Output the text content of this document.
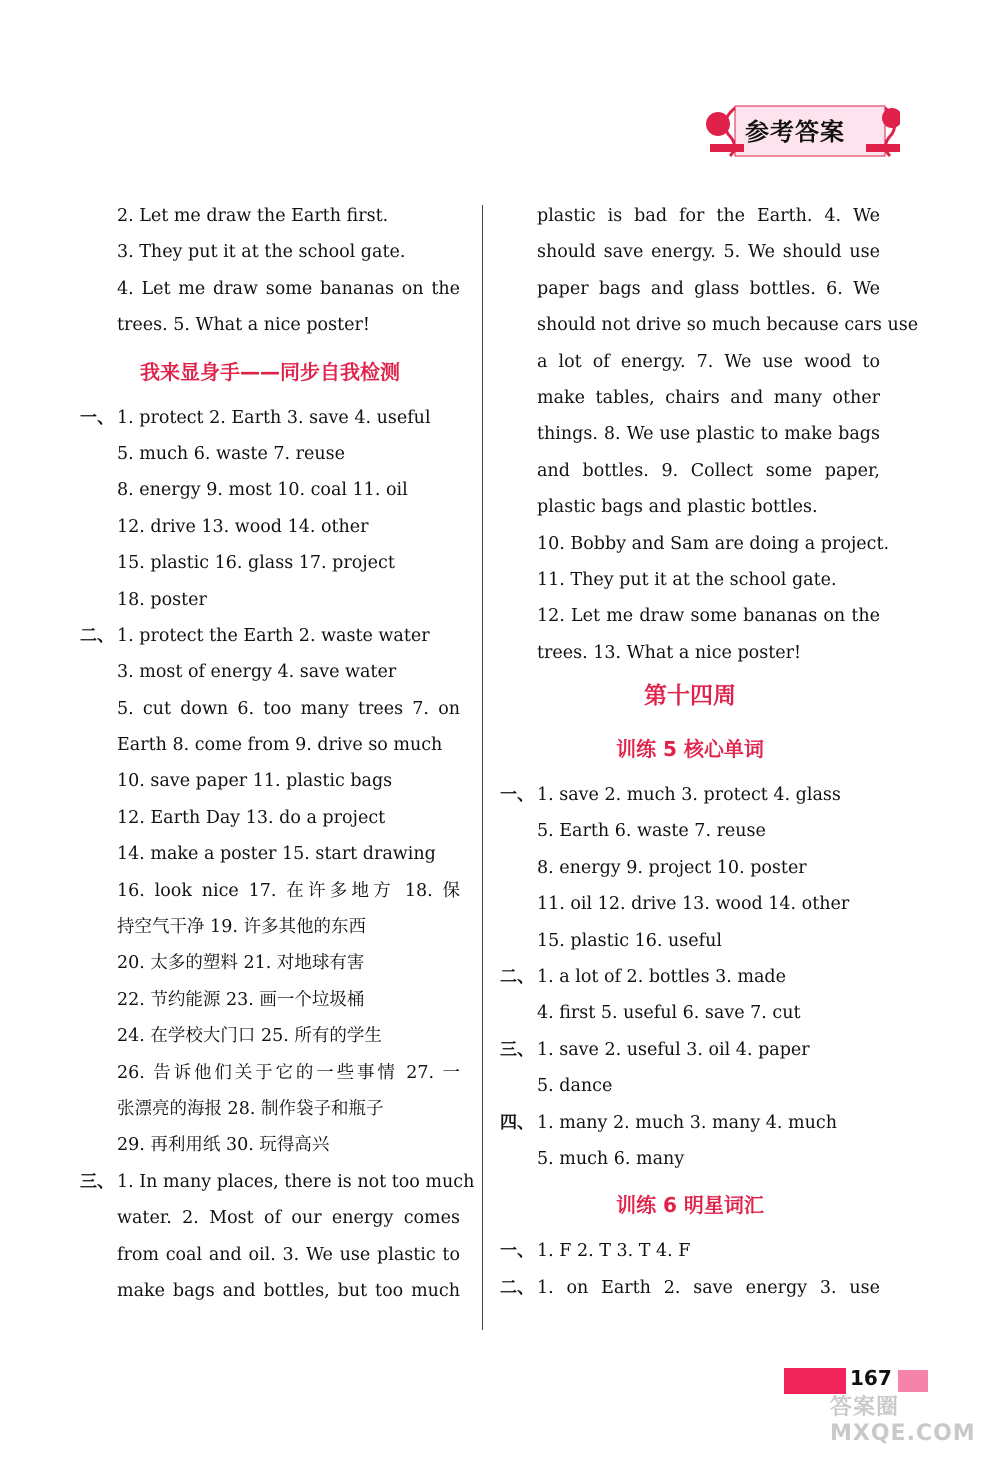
参考答案
2. Let me draw the Earth first.
3. They put it at the school gate.
4. Let me draw some bananas on the
trees. 5. What a nice poster!
我来显身手——同步自我检测
一、 1. protect 2. Earth 3. save 4. useful
5. much 6. waste 7. reuse
8. energy 9. most 10. coal 11. oil
12. drive 13. wood 14. other
15. plastic 16. glass 17. project
18. poster
二、 1. protect the Earth 2. waste water
3. most of energy 4. save water
5. cut down 6. too many trees 7. on
Earth 8. come from 9. drive so much
10. save paper 11. plastic bags
12. Earth Day 13. do a project
14. make a poster 15. start drawing
16. look nice 17. 在许多地方 18. 保
持空气干净 19. 许多其他的东西
20. 太多的塑料 21. 对地球有害
22. 节约能源 23. 画一个垃圾桶
24. 在学校大门口 25. 所有的学生
26. 告诉他们关于它的一些事情 27. 一
张漂亮的海报 28. 制作袋子和瓶子
29. 再利用纸 30. 玩得高兴
三、 1. In many places, there is not too much
water. 2. Most of our energy comes
from coal and oil. 3. We use plastic to
make bags and bottles, but too much
plastic is bad for the Earth. 4. We
should save energy. 5. We should use
paper bags and glass bottles. 6. We
should not drive so much because cars use
a lot of energy. 7. We use wood to
make tables, chairs and many other
things. 8. We use plastic to make bags
and bottles. 9. Collect some paper,
plastic bags and plastic bottles.
10. Bobby and Sam are doing a project.
11. They put it at the school gate.
12. Let me draw some bananas on the
trees. 13. What a nice poster!
第十四周
训练 5 核心单词
一、 1. save 2. much 3. protect 4. glass
5. Earth 6. waste 7. reuse
8. energy 9. project 10. poster
11. oil 12. drive 13. wood 14. other
15. plastic 16. useful
二、 1. a lot of 2. bottles 3. made
4. first 5. useful 6. save 7. cut
三、 1. save 2. useful 3. oil 4. paper
5. dance
四、 1. many 2. much 3. many 4. much
5. much 6. many
训练 6 明星词汇
一、 1. F 2. T 3. T 4. F
二、 1. on Earth 2. save energy 3. use
167
答案圈 MXQE.COM
